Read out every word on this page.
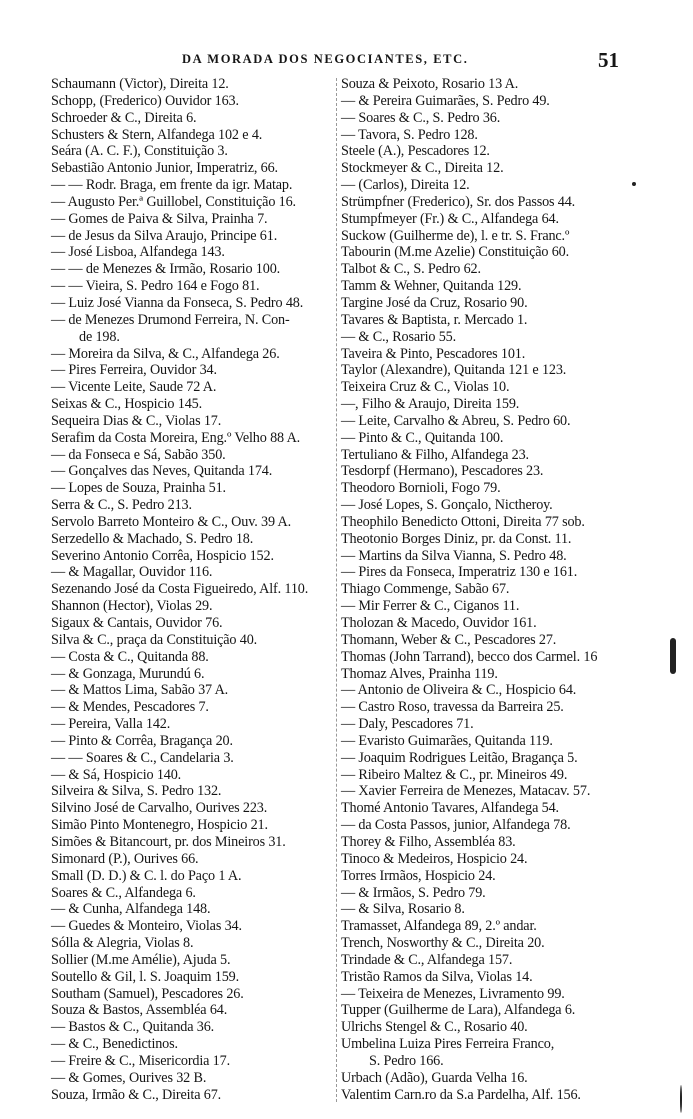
DA MORADA DOS NEGOCIANTES, ETC.	51
Schaumann (Victor), Direita 12.
Schopp, (Frederico) Ouvidor 163.
Schroeder & C., Direita 6.
Schusters & Stern, Alfandega 102 e 4.
Seára (A. C. F.), Constituição 3.
Sebastião Antonio Junior, Imperatriz, 66.
— — Rodr. Braga, em frente da igr. Matap.
— Augusto Per.ª Guillobel, Constituição 16.
— Gomes de Paiva & Silva, Prainha 7.
— de Jesus da Silva Araujo, Principe 61.
— José Lisboa, Alfandega 143.
— — de Menezes & Irmão, Rosario 100.
— — Vieira, S. Pedro 164 e Fogo 81.
— Luiz José Vianna da Fonseca, S. Pedro 48.
— de Menezes Drumond Ferreira, N. Con-
de 198.
— Moreira da Silva, & C., Alfandega 26.
— Pires Ferreira, Ouvidor 34.
— Vicente Leite, Saude 72 A.
Seixas & C., Hospicio 145.
Sequeira Dias & C., Violas 17.
Serafim da Costa Moreira, Eng.º Velho 88 A.
— da Fonseca e Sá, Sabão 350.
— Gonçalves das Neves, Quitanda 174.
— Lopes de Souza, Prainha 51.
Serra & C., S. Pedro 213.
Servolo Barreto Monteiro & C., Ouv. 39 A.
Serzedello & Machado, S. Pedro 18.
Severino Antonio Corrêa, Hospicio 152.
— & Magallar, Ouvidor 116.
Sezenando José da Costa Figueiredo, Alf. 110.
Shannon (Hector), Violas 29.
Sigaux & Cantais, Ouvidor 76.
Silva & C., praça da Constituição 40.
— Costa & C., Quitanda 88.
— & Gonzaga, Murundú 6.
— & Mattos Lima, Sabão 37 A.
— & Mendes, Pescadores 7.
— Pereira, Valla 142.
— Pinto & Corrêa, Bragança 20.
— — Soares & C., Candelaria 3.
— & Sá, Hospicio 140.
Silveira & Silva, S. Pedro 132.
Silvino José de Carvalho, Ourives 223.
Simão Pinto Montenegro, Hospicio 21.
Simões & Bitancourt, pr. dos Mineiros 31.
Simonard (P.), Ourives 66.
Small (D. D.) & C. l. do Paço 1 A.
Soares & C., Alfandega 6.
— & Cunha, Alfandega 148.
— Guedes & Monteiro, Violas 34.
Sólla & Alegria, Violas 8.
Sollier (M.me Amélie), Ajuda 5.
Soutello & Gil, l. S. Joaquim 159.
Southam (Samuel), Pescadores 26.
Souza & Bastos, Assembléa 64.
— Bastos & C., Quitanda 36.
— & C., Benedictinos.
— Freire & C., Misericordia 17.
— & Gomes, Ourives 32 B.
Souza, Irmão & C., Direita 67.
Souza & Peixoto, Rosario 13 A.
— & Pereira Guimarães, S. Pedro 49.
— Soares & C., S. Pedro 36.
— Tavora, S. Pedro 128.
Steele (A.), Pescadores 12.
Stockmeyer & C., Direita 12.
— (Carlos), Direita 12.
Strümpfner (Frederico), Sr. dos Passos 44.
Stumpfmeyer (Fr.) & C., Alfandega 64.
Suckow (Guilherme de), l. e tr. S. Franc.º
Tabourin (M.me Azelie) Constituição 60.
Talbot & C., S. Pedro 62.
Tamm & Wehner, Quitanda 129.
Targine José da Cruz, Rosario 90.
Tavares & Baptista, r. Mercado 1.
— & C., Rosario 55.
Taveira & Pinto, Pescadores 101.
Taylor (Alexandre), Quitanda 121 e 123.
Teixeira Cruz & C., Violas 10.
—, Filho & Araujo, Direita 159.
— Leite, Carvalho & Abreu, S. Pedro 60.
— Pinto & C., Quitanda 100.
Tertuliano & Filho, Alfandega 23.
Tesdorpf (Hermano), Pescadores 23.
Theodoro Bornioli, Fogo 79.
— José Lopes, S. Gonçalo, Nictheroy.
Theophilo Benedicto Ottoni, Direita 77 sob.
Theotonio Borges Diniz, pr. da Const. 11.
— Martins da Silva Vianna, S. Pedro 48.
— Pires da Fonseca, Imperatriz 130 e 161.
Thiago Commenge, Sabão 67.
— Mir Ferrer & C., Ciganos 11.
Tholozan & Macedo, Ouvidor 161.
Thomann, Weber & C., Pescadores 27.
Thomas (John Tarrand), becco dos Carmel. 16
Thomaz Alves, Prainha 119.
— Antonio de Oliveira & C., Hospicio 64.
— Castro Roso, travessa da Barreira 25.
— Daly, Pescadores 71.
— Evaristo Guimarães, Quitanda 119.
— Joaquim Rodrigues Leitão, Bragança 5.
— Ribeiro Maltez & C., pr. Mineiros 49.
— Xavier Ferreira de Menezes, Matacav. 57.
Thomé Antonio Tavares, Alfandega 54.
— da Costa Passos, junior, Alfandega 78.
Thorey & Filho, Assembléa 83.
Tinoco & Medeiros, Hospicio 24.
Torres Irmãos, Hospicio 24.
— & Irmãos, S. Pedro 79.
— & Silva, Rosario 8.
Tramasset, Alfandega 89, 2.º andar.
Trench, Nosworthy & C., Direita 20.
Trindade & C., Alfandega 157.
Tristão Ramos da Silva, Violas 14.
— Teixeira de Menezes, Livramento 99.
Tupper (Guilherme de Lara), Alfandega 6.
Ulrichs Stengel & C., Rosario 40.
Umbelina Luiza Pires Ferreira Franco,
S. Pedro 166.
Urbach (Adão), Guarda Velha 16.
Valentim Carn.ro da S.a Pardelha, Alf. 156.
